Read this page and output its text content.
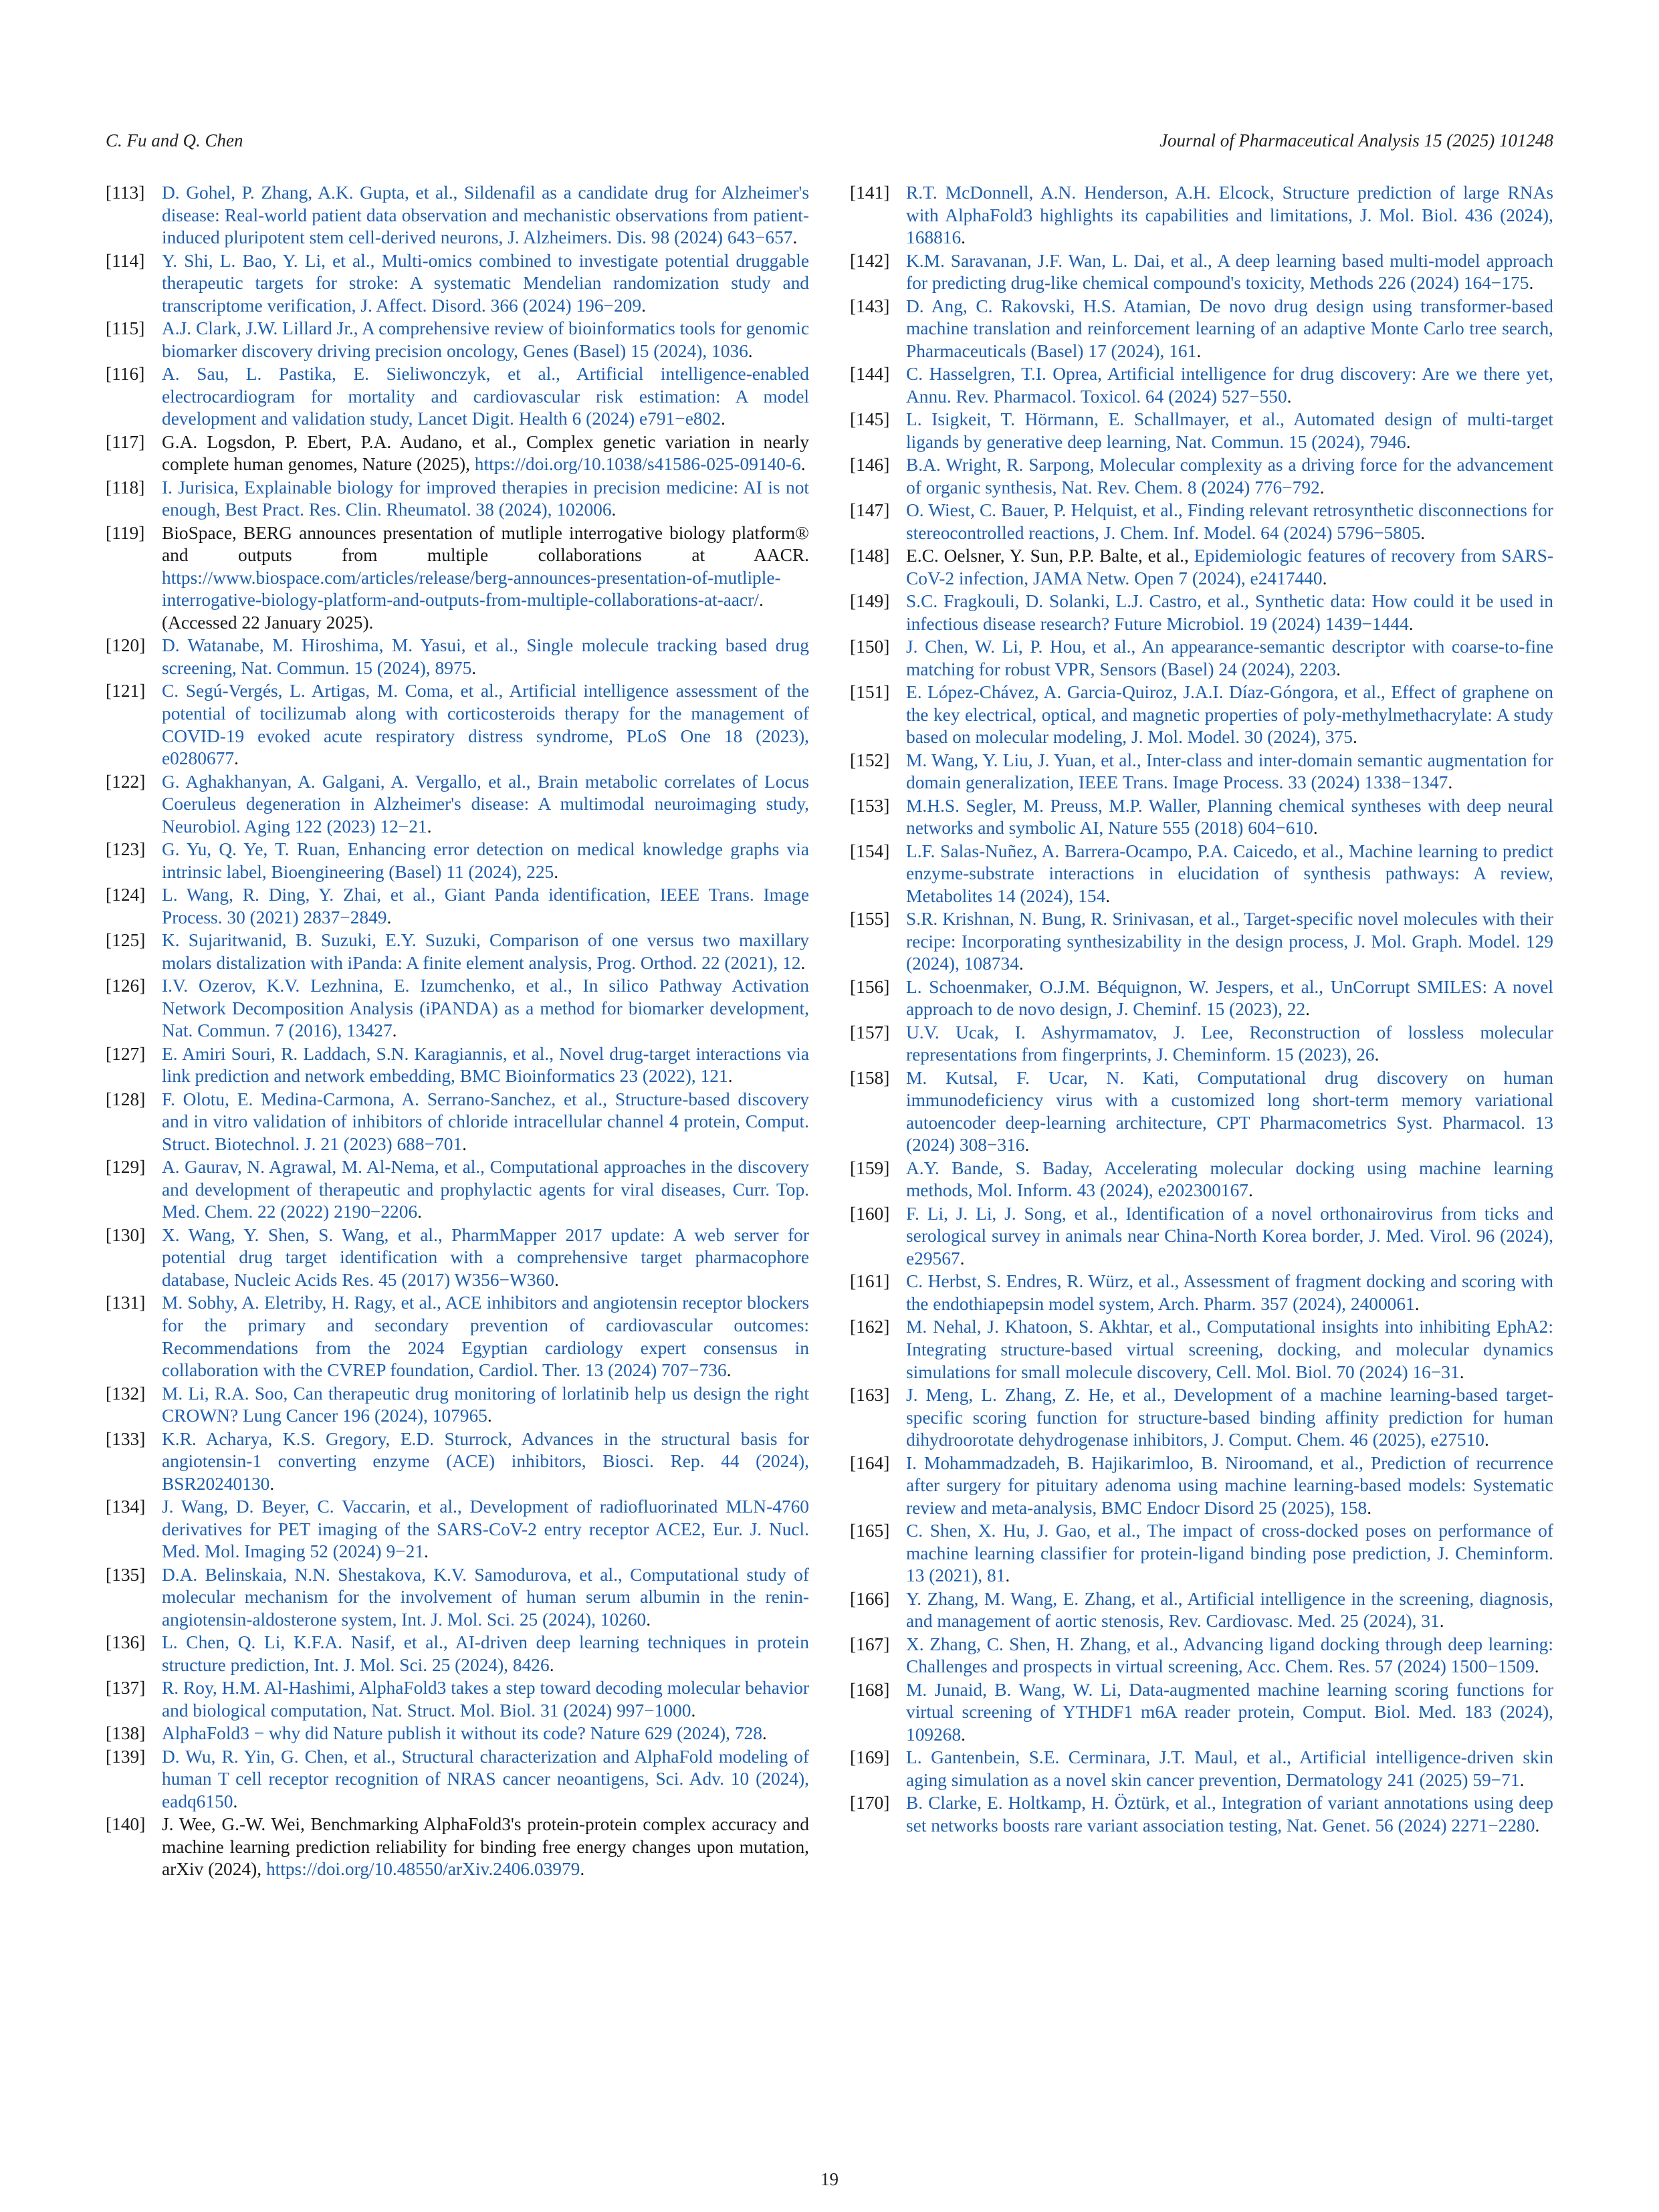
C. Fu and Q. Chen	Journal of Pharmaceutical Analysis 15 (2025) 101248
[113] D. Gohel, P. Zhang, A.K. Gupta, et al., Sildenafil as a candidate drug for Alzheimer's disease: Real-world patient data observation and mechanistic observations from patient-induced pluripotent stem cell-derived neurons, J. Alzheimers. Dis. 98 (2024) 643−657.
[114] Y. Shi, L. Bao, Y. Li, et al., Multi-omics combined to investigate potential druggable therapeutic targets for stroke: A systematic Mendelian randomization study and transcriptome verification, J. Affect. Disord. 366 (2024) 196−209.
[115] A.J. Clark, J.W. Lillard Jr., A comprehensive review of bioinformatics tools for genomic biomarker discovery driving precision oncology, Genes (Basel) 15 (2024), 1036.
[116] A. Sau, L. Pastika, E. Sieliwonczyk, et al., Artificial intelligence-enabled electrocardiogram for mortality and cardiovascular risk estimation: A model development and validation study, Lancet Digit. Health 6 (2024) e791−e802.
[117] G.A. Logsdon, P. Ebert, P.A. Audano, et al., Complex genetic variation in nearly complete human genomes, Nature (2025), https://doi.org/10.1038/s41586-025-09140-6.
[118] I. Jurisica, Explainable biology for improved therapies in precision medicine: AI is not enough, Best Pract. Res. Clin. Rheumatol. 38 (2024), 102006.
[119] BioSpace, BERG announces presentation of mutliple interrogative biology platform® and outputs from multiple collaborations at AACR. https://www.biospace.com/articles/release/berg-announces-presentation-of-mutliple-interrogative-biology-platform-and-outputs-from-multiple-collaborations-at-aacr/. (Accessed 22 January 2025).
[120] D. Watanabe, M. Hiroshima, M. Yasui, et al., Single molecule tracking based drug screening, Nat. Commun. 15 (2024), 8975.
[121] C. Segú-Vergés, L. Artigas, M. Coma, et al., Artificial intelligence assessment of the potential of tocilizumab along with corticosteroids therapy for the management of COVID-19 evoked acute respiratory distress syndrome, PLoS One 18 (2023), e0280677.
[122] G. Aghakhanyan, A. Galgani, A. Vergallo, et al., Brain metabolic correlates of Locus Coeruleus degeneration in Alzheimer's disease: A multimodal neuroimaging study, Neurobiol. Aging 122 (2023) 12−21.
[123] G. Yu, Q. Ye, T. Ruan, Enhancing error detection on medical knowledge graphs via intrinsic label, Bioengineering (Basel) 11 (2024), 225.
[124] L. Wang, R. Ding, Y. Zhai, et al., Giant Panda identification, IEEE Trans. Image Process. 30 (2021) 2837−2849.
[125] K. Sujaritwanid, B. Suzuki, E.Y. Suzuki, Comparison of one versus two maxillary molars distalization with iPanda: A finite element analysis, Prog. Orthod. 22 (2021), 12.
[126] I.V. Ozerov, K.V. Lezhnina, E. Izumchenko, et al., In silico Pathway Activation Network Decomposition Analysis (iPANDA) as a method for biomarker development, Nat. Commun. 7 (2016), 13427.
[127] E. Amiri Souri, R. Laddach, S.N. Karagiannis, et al., Novel drug-target interactions via link prediction and network embedding, BMC Bioinformatics 23 (2022), 121.
[128] F. Olotu, E. Medina-Carmona, A. Serrano-Sanchez, et al., Structure-based discovery and in vitro validation of inhibitors of chloride intracellular channel 4 protein, Comput. Struct. Biotechnol. J. 21 (2023) 688−701.
[129] A. Gaurav, N. Agrawal, M. Al-Nema, et al., Computational approaches in the discovery and development of therapeutic and prophylactic agents for viral diseases, Curr. Top. Med. Chem. 22 (2022) 2190−2206.
[130] X. Wang, Y. Shen, S. Wang, et al., PharmMapper 2017 update: A web server for potential drug target identification with a comprehensive target pharmacophore database, Nucleic Acids Res. 45 (2017) W356−W360.
[131] M. Sobhy, A. Eletriby, H. Ragy, et al., ACE inhibitors and angiotensin receptor blockers for the primary and secondary prevention of cardiovascular outcomes: Recommendations from the 2024 Egyptian cardiology expert consensus in collaboration with the CVREP foundation, Cardiol. Ther. 13 (2024) 707−736.
[132] M. Li, R.A. Soo, Can therapeutic drug monitoring of lorlatinib help us design the right CROWN? Lung Cancer 196 (2024), 107965.
[133] K.R. Acharya, K.S. Gregory, E.D. Sturrock, Advances in the structural basis for angiotensin-1 converting enzyme (ACE) inhibitors, Biosci. Rep. 44 (2024), BSR20240130.
[134] J. Wang, D. Beyer, C. Vaccarin, et al., Development of radiofluorinated MLN-4760 derivatives for PET imaging of the SARS-CoV-2 entry receptor ACE2, Eur. J. Nucl. Med. Mol. Imaging 52 (2024) 9−21.
[135] D.A. Belinskaia, N.N. Shestakova, K.V. Samodurova, et al., Computational study of molecular mechanism for the involvement of human serum albumin in the renin-angiotensin-aldosterone system, Int. J. Mol. Sci. 25 (2024), 10260.
[136] L. Chen, Q. Li, K.F.A. Nasif, et al., AI-driven deep learning techniques in protein structure prediction, Int. J. Mol. Sci. 25 (2024), 8426.
[137] R. Roy, H.M. Al-Hashimi, AlphaFold3 takes a step toward decoding molecular behavior and biological computation, Nat. Struct. Mol. Biol. 31 (2024) 997−1000.
[138] AlphaFold3 − why did Nature publish it without its code? Nature 629 (2024), 728.
[139] D. Wu, R. Yin, G. Chen, et al., Structural characterization and AlphaFold modeling of human T cell receptor recognition of NRAS cancer neoantigens, Sci. Adv. 10 (2024), eadq6150.
[140] J. Wee, G.-W. Wei, Benchmarking AlphaFold3's protein-protein complex accuracy and machine learning prediction reliability for binding free energy changes upon mutation, arXiv (2024), https://doi.org/10.48550/arXiv.2406.03979.
[141] R.T. McDonnell, A.N. Henderson, A.H. Elcock, Structure prediction of large RNAs with AlphaFold3 highlights its capabilities and limitations, J. Mol. Biol. 436 (2024), 168816.
[142] K.M. Saravanan, J.F. Wan, L. Dai, et al., A deep learning based multi-model approach for predicting drug-like chemical compound's toxicity, Methods 226 (2024) 164−175.
[143] D. Ang, C. Rakovski, H.S. Atamian, De novo drug design using transformer-based machine translation and reinforcement learning of an adaptive Monte Carlo tree search, Pharmaceuticals (Basel) 17 (2024), 161.
[144] C. Hasselgren, T.I. Oprea, Artificial intelligence for drug discovery: Are we there yet, Annu. Rev. Pharmacol. Toxicol. 64 (2024) 527−550.
[145] L. Isigkeit, T. Hörmann, E. Schallmayer, et al., Automated design of multi-target ligands by generative deep learning, Nat. Commun. 15 (2024), 7946.
[146] B.A. Wright, R. Sarpong, Molecular complexity as a driving force for the advancement of organic synthesis, Nat. Rev. Chem. 8 (2024) 776−792.
[147] O. Wiest, C. Bauer, P. Helquist, et al., Finding relevant retrosynthetic disconnections for stereocontrolled reactions, J. Chem. Inf. Model. 64 (2024) 5796−5805.
[148] E.C. Oelsner, Y. Sun, P.P. Balte, et al., Epidemiologic features of recovery from SARS-CoV-2 infection, JAMA Netw. Open 7 (2024), e2417440.
[149] S.C. Fragkouli, D. Solanki, L.J. Castro, et al., Synthetic data: How could it be used in infectious disease research? Future Microbiol. 19 (2024) 1439−1444.
[150] J. Chen, W. Li, P. Hou, et al., An appearance-semantic descriptor with coarse-to-fine matching for robust VPR, Sensors (Basel) 24 (2024), 2203.
[151] E. López-Chávez, A. Garcia-Quiroz, J.A.I. Díaz-Góngora, et al., Effect of graphene on the key electrical, optical, and magnetic properties of poly-methylmethacrylate: A study based on molecular modeling, J. Mol. Model. 30 (2024), 375.
[152] M. Wang, Y. Liu, J. Yuan, et al., Inter-class and inter-domain semantic augmentation for domain generalization, IEEE Trans. Image Process. 33 (2024) 1338−1347.
[153] M.H.S. Segler, M. Preuss, M.P. Waller, Planning chemical syntheses with deep neural networks and symbolic AI, Nature 555 (2018) 604−610.
[154] L.F. Salas-Nuñez, A. Barrera-Ocampo, P.A. Caicedo, et al., Machine learning to predict enzyme-substrate interactions in elucidation of synthesis pathways: A review, Metabolites 14 (2024), 154.
[155] S.R. Krishnan, N. Bung, R. Srinivasan, et al., Target-specific novel molecules with their recipe: Incorporating synthesizability in the design process, J. Mol. Graph. Model. 129 (2024), 108734.
[156] L. Schoenmaker, O.J.M. Béquignon, W. Jespers, et al., UnCorrupt SMILES: A novel approach to de novo design, J. Cheminf. 15 (2023), 22.
[157] U.V. Ucak, I. Ashyrmamatov, J. Lee, Reconstruction of lossless molecular representations from fingerprints, J. Cheminform. 15 (2023), 26.
[158] M. Kutsal, F. Ucar, N. Kati, Computational drug discovery on human immunodeficiency virus with a customized long short-term memory variational autoencoder deep-learning architecture, CPT Pharmacometrics Syst. Pharmacol. 13 (2024) 308−316.
[159] A.Y. Bande, S. Baday, Accelerating molecular docking using machine learning methods, Mol. Inform. 43 (2024), e202300167.
[160] F. Li, J. Li, J. Song, et al., Identification of a novel orthonairovirus from ticks and serological survey in animals near China-North Korea border, J. Med. Virol. 96 (2024), e29567.
[161] C. Herbst, S. Endres, R. Würz, et al., Assessment of fragment docking and scoring with the endothiapepsin model system, Arch. Pharm. 357 (2024), 2400061.
[162] M. Nehal, J. Khatoon, S. Akhtar, et al., Computational insights into inhibiting EphA2: Integrating structure-based virtual screening, docking, and molecular dynamics simulations for small molecule discovery, Cell. Mol. Biol. 70 (2024) 16−31.
[163] J. Meng, L. Zhang, Z. He, et al., Development of a machine learning-based target-specific scoring function for structure-based binding affinity prediction for human dihydroorotate dehydrogenase inhibitors, J. Comput. Chem. 46 (2025), e27510.
[164] I. Mohammadzadeh, B. Hajikarimloo, B. Niroomand, et al., Prediction of recurrence after surgery for pituitary adenoma using machine learning-based models: Systematic review and meta-analysis, BMC Endocr Disord 25 (2025), 158.
[165] C. Shen, X. Hu, J. Gao, et al., The impact of cross-docked poses on performance of machine learning classifier for protein-ligand binding pose prediction, J. Cheminform. 13 (2021), 81.
[166] Y. Zhang, M. Wang, E. Zhang, et al., Artificial intelligence in the screening, diagnosis, and management of aortic stenosis, Rev. Cardiovasc. Med. 25 (2024), 31.
[167] X. Zhang, C. Shen, H. Zhang, et al., Advancing ligand docking through deep learning: Challenges and prospects in virtual screening, Acc. Chem. Res. 57 (2024) 1500−1509.
[168] M. Junaid, B. Wang, W. Li, Data-augmented machine learning scoring functions for virtual screening of YTHDF1 m6A reader protein, Comput. Biol. Med. 183 (2024), 109268.
[169] L. Gantenbein, S.E. Cerminara, J.T. Maul, et al., Artificial intelligence-driven skin aging simulation as a novel skin cancer prevention, Dermatology 241 (2025) 59−71.
[170] B. Clarke, E. Holtkamp, H. Öztürk, et al., Integration of variant annotations using deep set networks boosts rare variant association testing, Nat. Genet. 56 (2024) 2271−2280.
19
